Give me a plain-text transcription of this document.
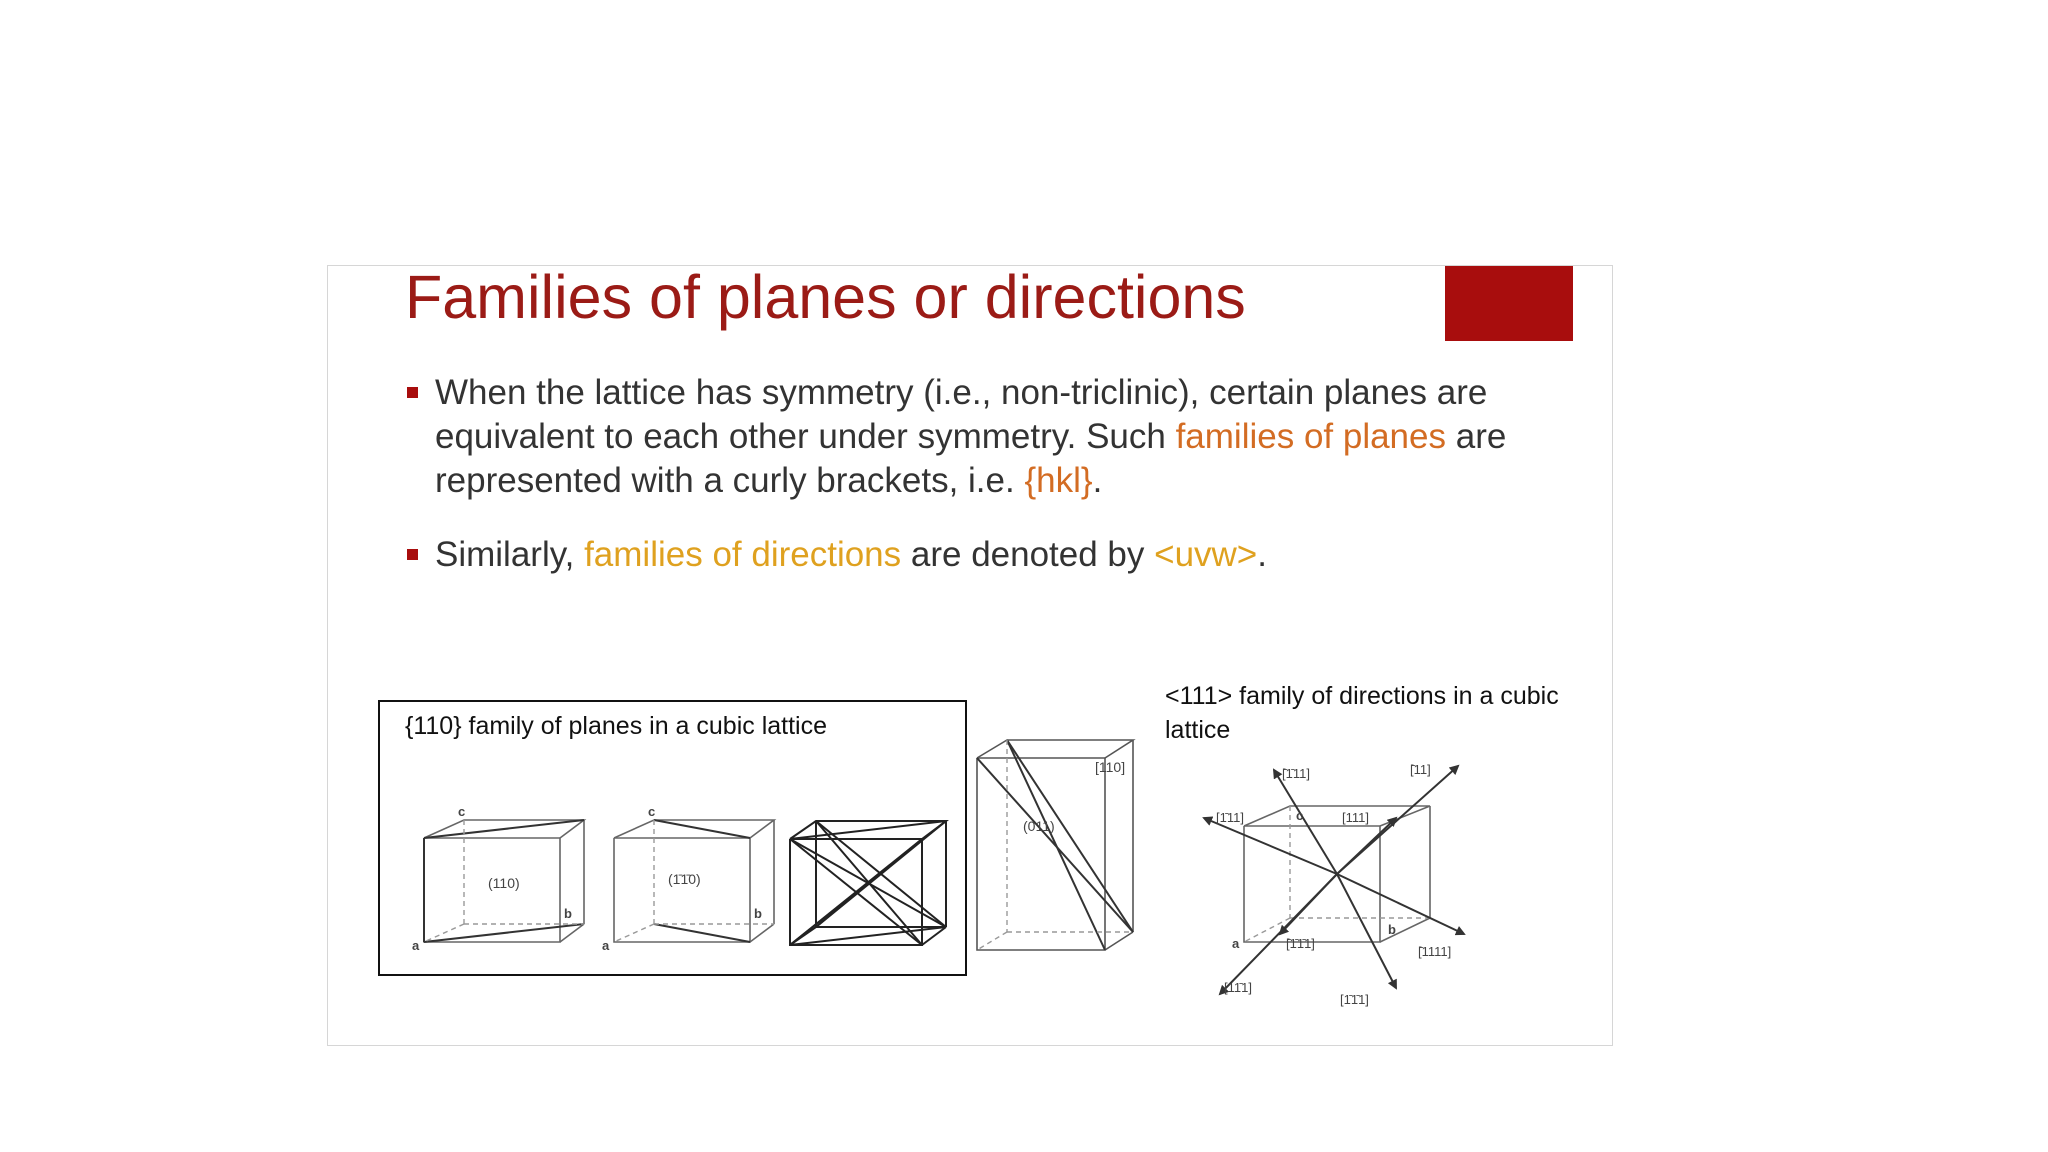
Families of planes or directions
When the lattice has symmetry (i.e., non-triclinic), certain planes are equivalent to each other under symmetry. Such families of planes are represented with a curly brackets, i.e. {hkl}.
Similarly, families of directions are denoted by <uvw>.
{110} family of planes in a cubic lattice
(110)
a
b
c
(1̄1̄0)
a
b
c
[110]
(011)
<111> family of directions in a cubic lattice
[̄1̄11]	[̄11]
[1̄11]	[111]
[̄1̄1̄1]
[̄1111]
[11̄1]
[1̄1̄1]
a
b
c
